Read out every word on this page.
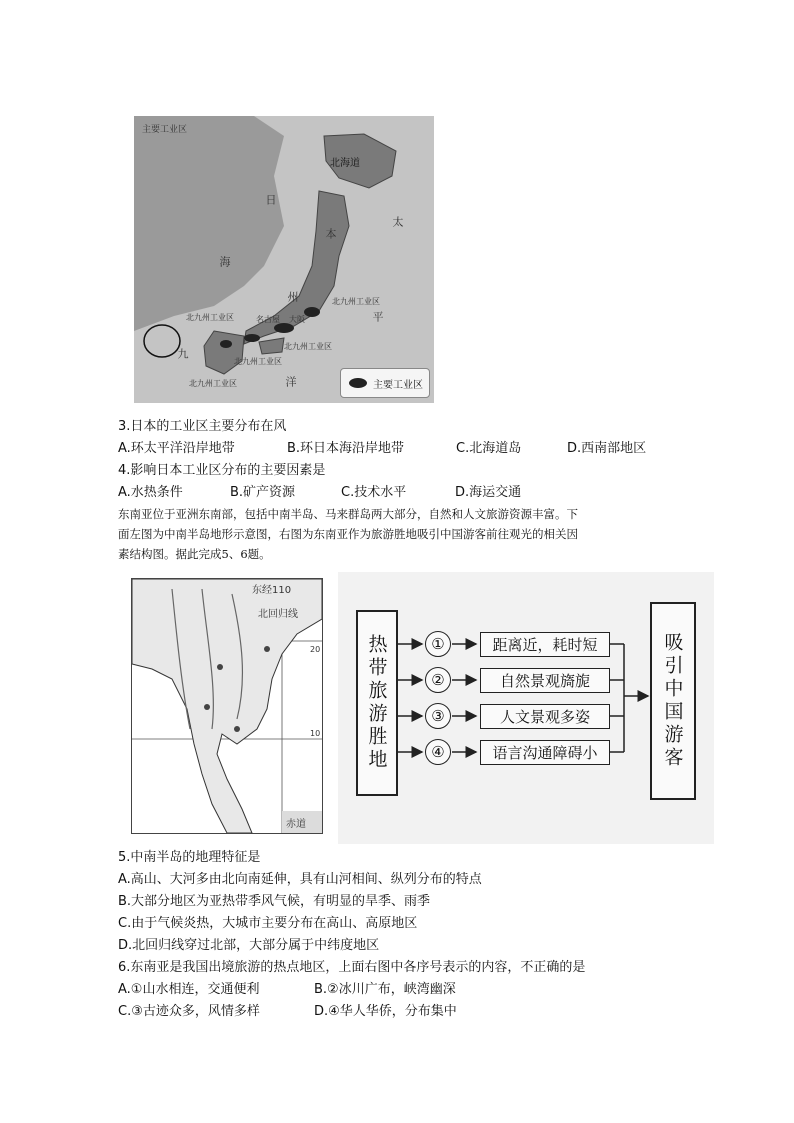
主要工业区
日
太
平
洋
海
北海道
本
州
九
北九州工业区
北九州工业区
北九州工业区
北九州工业区
北九州工业区
大阪
名古屋
主要工业区
3.日本的工业区主要分布在风
A.环太平洋沿岸地带	B.环日本海沿岸地带	C.北海道岛	D.西南部地区
4.影响日本工业区分布的主要因素是
A.水热条件	B.矿产资源	C.技术水平	D.海运交通
东南亚位于亚洲东南部，包括中南半岛、马来群岛两大部分，自然和人文旅游资源丰富。下
面左图为中南半岛地形示意图，右图为东南亚作为旅游胜地吸引中国游客前往观光的相关因
素结构图。据此完成5、6题。
东经110
北回归线
20
10
赤道
热带旅游胜地	吸引中国游客
①
②
③
④
距离近，耗时短
自然景观旖旎
人文景观多姿
语言沟通障碍小
5.中南半岛的地理特征是
A.高山、大河多由北向南延伸，具有山河相间、纵列分布的特点
B.大部分地区为亚热带季风气候，有明显的旱季、雨季
C.由于气候炎热，大城市主要分布在高山、高原地区
D.北回归线穿过北部，大部分属于中纬度地区
6.东南亚是我国出境旅游的热点地区，上面右图中各序号表示的内容，不正确的是
A.①山水相连，交通便利	B.②冰川广布，峡湾幽深
C.③古迹众多，风情多样	D.④华人华侨，分布集中
